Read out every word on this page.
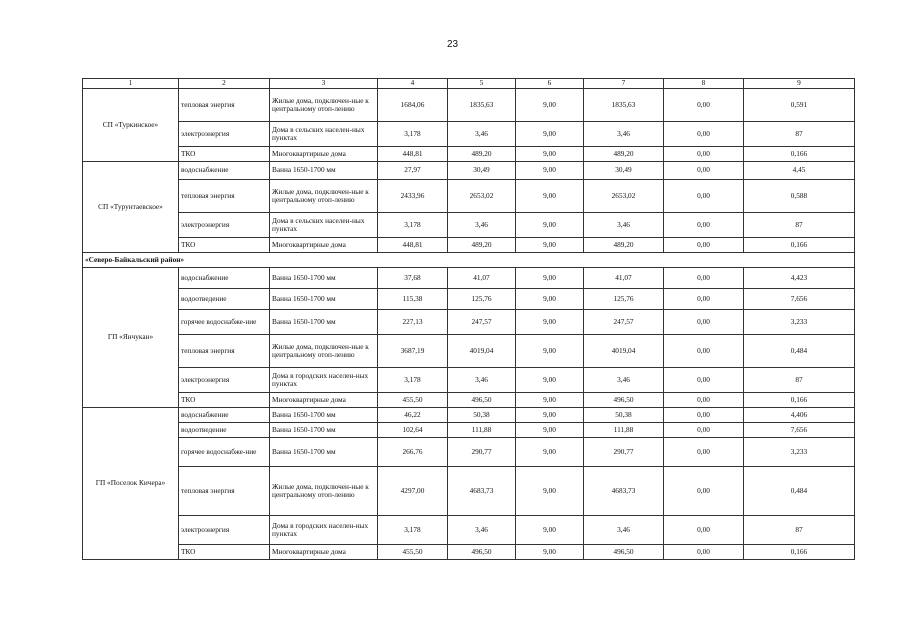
23
1	2	3	4	5	6	7	8	9
СП «Туркинское»	тепловая энергия	Жилые дома, подключен-ные к центральному отоп-лению	1684,06	1835,63	9,00	1835,63	0,00	0,591
	электроэнергия	Дома в сельских населен-ных пунктах	3,178	3,46	9,00	3,46	0,00	87
	ТКО	Многоквартирные дома	448,81	489,20	9,00	489,20	0,00	0,166
СП «Турунтаевское»	водоснабжение	Ванна 1650-1700 мм	27,97	30,49	9,00	30,49	0,00	4,45
	тепловая энергия	Жилые дома, подключен-ные к центральному отоп-лению	2433,96	2653,02	9,00	2653,02	0,00	0,588
	электроэнергия	Дома в сельских населен-ных пунктах	3,178	3,46	9,00	3,46	0,00	87
	ТКО	Многоквартирные дома	448,81	489,20	9,00	489,20	0,00	0,166
«Северо-Байкальский район»								
ГП «Янчукан»	водоснабжение	Ванна 1650-1700 мм	37,68	41,07	9,00	41,07	0,00	4,423
	водоотведение	Ванна 1650-1700 мм	115,38	125,76	9,00	125,76	0,00	7,656
	горячее водоснабже-ние	Ванна 1650-1700 мм	227,13	247,57	9,00	247,57	0,00	3,233
	тепловая энергия	Жилые дома, подключен-ные к центральному отоп-лению	3687,19	4019,04	9,00	4019,04	0,00	0,484
	электроэнергия	Дома в городских населен-ных пунктах	3,178	3,46	9,00	3,46	0,00	87
	ТКО	Многоквартирные дома	455,50	496,50	9,00	496,50	0,00	0,166
ГП «Поселок Кичера»	водоснабжение	Ванна 1650-1700 мм	46,22	50,38	9,00	50,38	0,00	4,406
	водоотведение	Ванна 1650-1700 мм	102,64	111,88	9,00	111,88	0,00	7,656
	горячее водоснабже-ние	Ванна 1650-1700 мм	266,76	290,77	9,00	290,77	0,00	3,233
	тепловая энергия	Жилые дома, подключен-ные к центральному отоп-лению	4297,00	4683,73	9,00	4683,73	0,00	0,484
	электроэнергия	Дома в городских населен-ных пунктах	3,178	3,46	9,00	3,46	0,00	87
	ТКО	Многоквартирные дома	455,50	496,50	9,00	496,50	0,00	0,166
